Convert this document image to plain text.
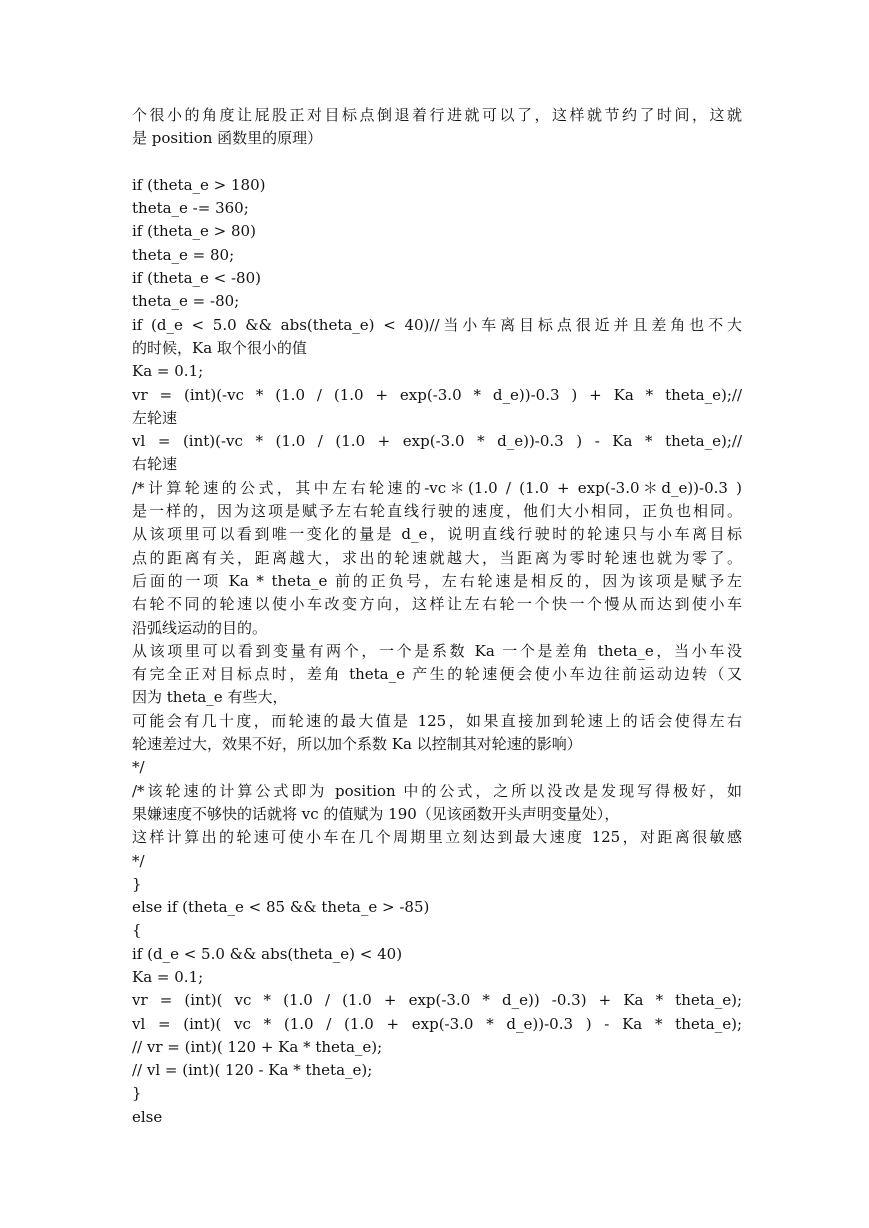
个很小的角度让屁股正对目标点倒退着行进就可以了，这样就节约了时间，这就
是 position 函数里的原理）
if (theta_e > 180)
theta_e -= 360;
if (theta_e > 80)
theta_e = 80;
if (theta_e < -80)
theta_e = -80;
if (d_e < 5.0 && abs(theta_e) < 40)//当小车离目标点很近并且差角也不大
的时候，Ka 取个很小的值
Ka = 0.1;
vr = (int)(-vc * (1.0 / (1.0 + exp(-3.0 * d_e))-0.3 ) + Ka * theta_e);//
左轮速
vl = (int)(-vc * (1.0 / (1.0 + exp(-3.0 * d_e))-0.3 ) - Ka * theta_e);//
右轮速
/*计算轮速的公式，其中左右轮速的-vc＊(1.0 / (1.0 + exp(-3.0＊d_e))-0.3 )
是一样的，因为这项是赋予左右轮直线行驶的速度，他们大小相同，正负也相同。
从该项里可以看到唯一变化的量是 d_e，说明直线行驶时的轮速只与小车离目标
点的距离有关，距离越大，求出的轮速就越大，当距离为零时轮速也就为零了。
后面的一项 Ka * theta_e 前的正负号，左右轮速是相反的，因为该项是赋予左
右轮不同的轮速以使小车改变方向，这样让左右轮一个快一个慢从而达到使小车
沿弧线运动的目的。
从该项里可以看到变量有两个，一个是系数 Ka 一个是差角 theta_e，当小车没
有完全正对目标点时，差角 theta_e 产生的轮速便会使小车边往前运动边转（又
因为 theta_e 有些大，
可能会有几十度，而轮速的最大值是 125，如果直接加到轮速上的话会使得左右
轮速差过大，效果不好，所以加个系数 Ka 以控制其对轮速的影响）
*/
/*该轮速的计算公式即为 position 中的公式，之所以没改是发现写得极好，如
果嫌速度不够快的话就将 vc 的值赋为 190（见该函数开头声明变量处），
这样计算出的轮速可使小车在几个周期里立刻达到最大速度 125，对距离很敏感
*/
}
else if (theta_e < 85 && theta_e > -85)
{
if (d_e < 5.0 && abs(theta_e) < 40)
Ka = 0.1;
vr = (int)( vc * (1.0 / (1.0 + exp(-3.0 * d_e)) -0.3) + Ka * theta_e);
vl = (int)( vc * (1.0 / (1.0 + exp(-3.0 * d_e))-0.3 ) - Ka * theta_e);
// vr = (int)( 120 + Ka * theta_e);
// vl = (int)( 120 - Ka * theta_e);
}
else
